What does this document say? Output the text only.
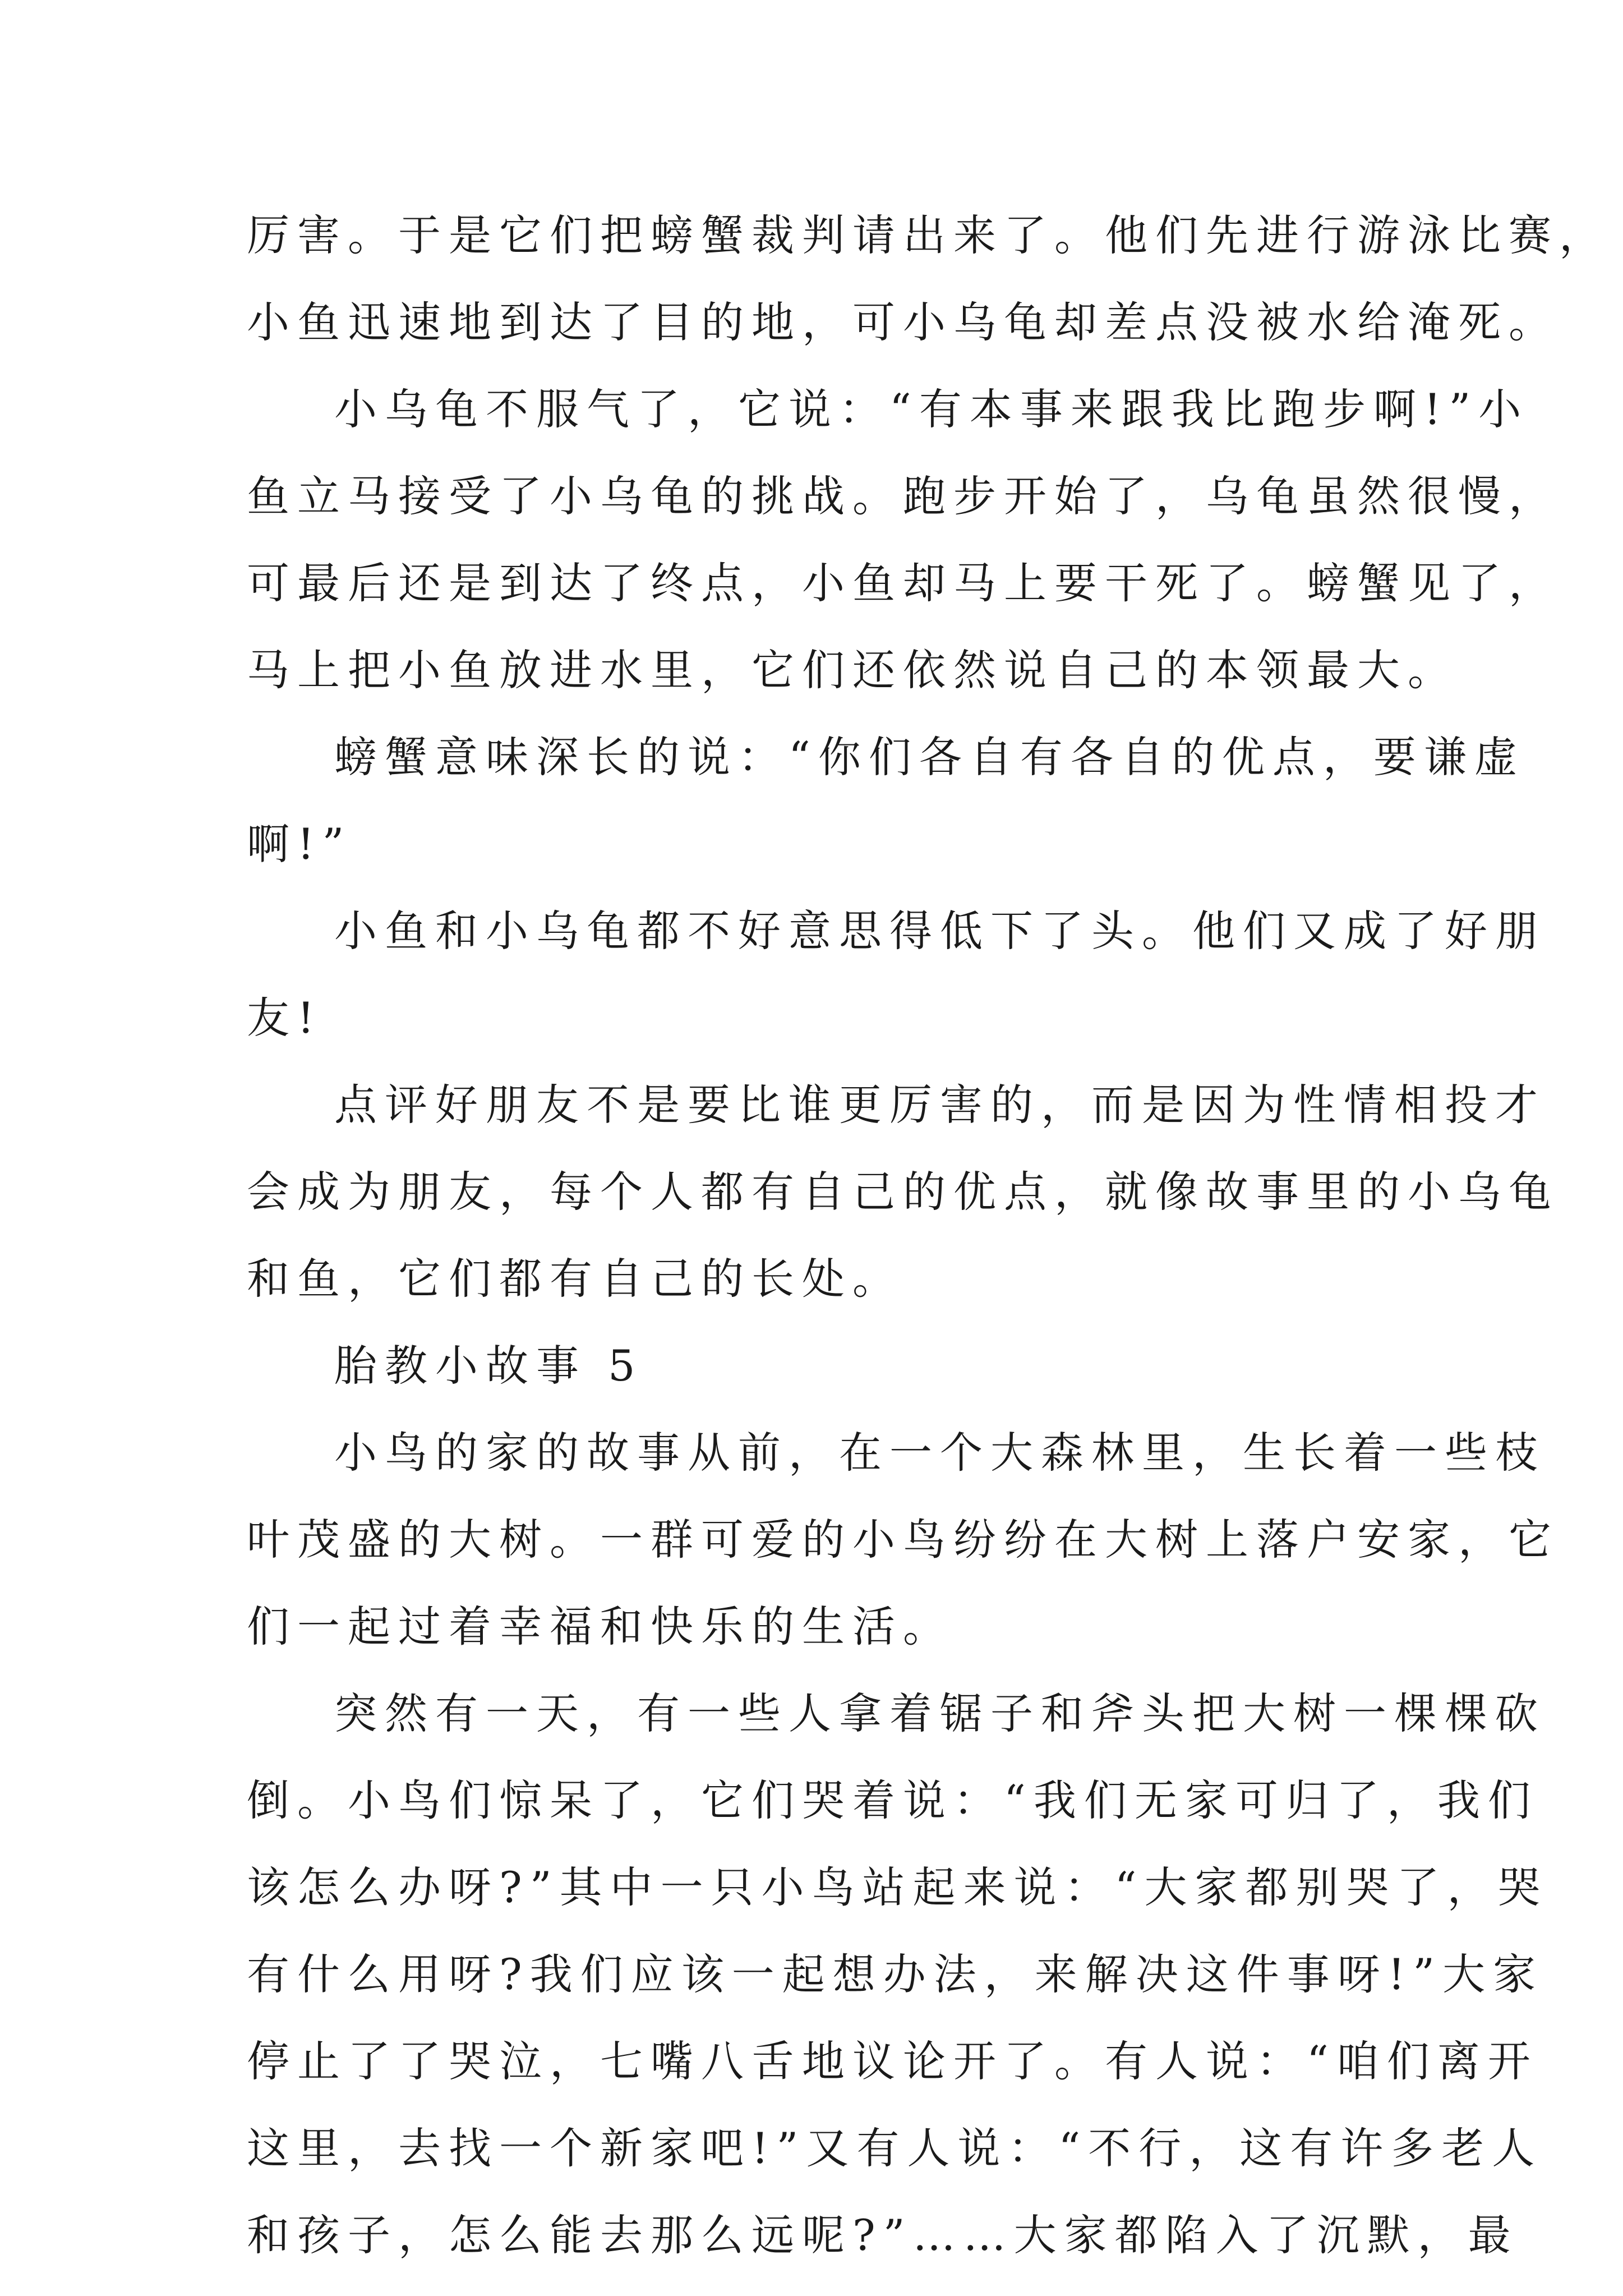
厉害。于是它们把螃蟹裁判请出来了。他们先进行游泳比赛，
小鱼迅速地到达了目的地，可小乌龟却差点没被水给淹死。
小乌龟不服气了，它说：“有本事来跟我比跑步啊!”小
鱼立马接受了小乌龟的挑战。跑步开始了，乌龟虽然很慢，
可最后还是到达了终点，小鱼却马上要干死了。螃蟹见了，
马上把小鱼放进水里，它们还依然说自己的本领最大。
螃蟹意味深长的说：“你们各自有各自的优点，要谦虚
啊!”
小鱼和小乌龟都不好意思得低下了头。他们又成了好朋
友!
点评好朋友不是要比谁更厉害的，而是因为性情相投才
会成为朋友，每个人都有自己的优点，就像故事里的小乌龟
和鱼，它们都有自己的长处。
胎教小故事 5
小鸟的家的故事从前，在一个大森林里，生长着一些枝
叶茂盛的大树。一群可爱的小鸟纷纷在大树上落户安家，它
们一起过着幸福和快乐的生活。
突然有一天，有一些人拿着锯子和斧头把大树一棵棵砍
倒。小鸟们惊呆了，它们哭着说：“我们无家可归了，我们
该怎么办呀?”其中一只小鸟站起来说：“大家都别哭了，哭
有什么用呀?我们应该一起想办法，来解决这件事呀!”大家
停止了了哭泣，七嘴八舌地议论开了。有人说：“咱们离开
这里，去找一个新家吧!”又有人说：“不行，这有许多老人
和孩子，怎么能去那么远呢?”……大家都陷入了沉默，最
